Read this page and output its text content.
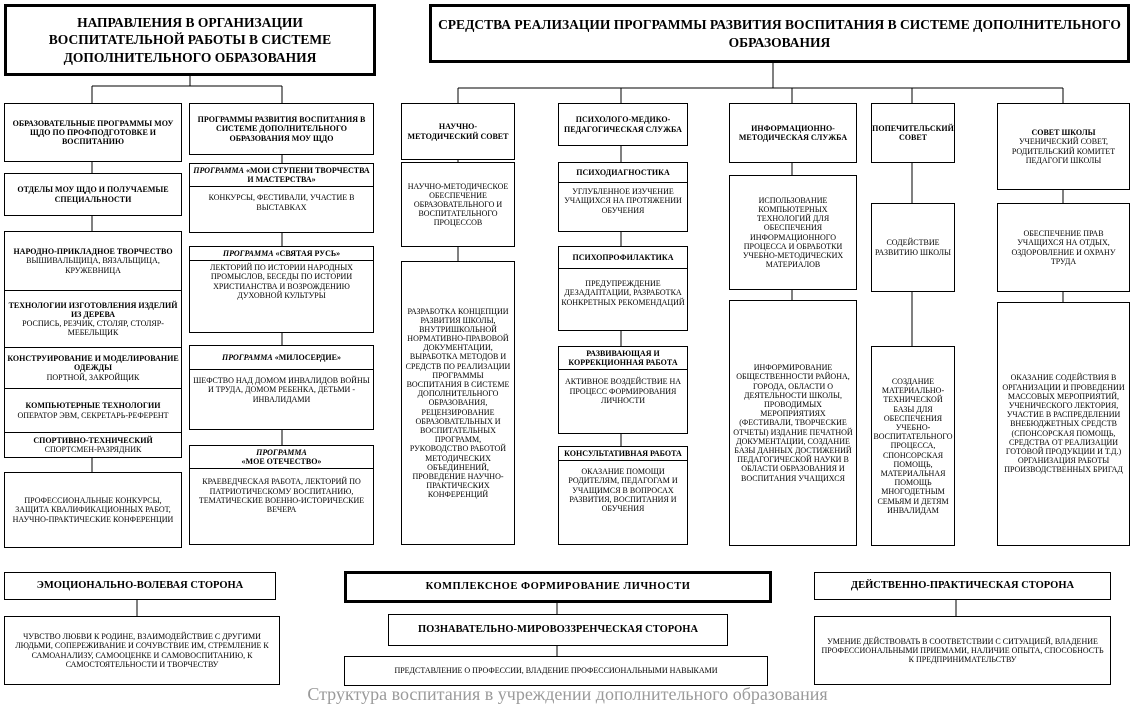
НАПРАВЛЕНИЯ В ОРГАНИЗАЦИИ ВОСПИТАТЕЛЬНОЙ РАБОТЫ В СИСТЕМЕ ДОПОЛНИТЕЛЬНОГО ОБРАЗОВАНИЯ
СРЕДСТВА РЕАЛИЗАЦИИ ПРОГРАММЫ РАЗВИТИЯ ВОСПИТАНИЯ В СИСТЕМЕ ДОПОЛНИТЕЛЬНОГО ОБРАЗОВАНИЯ
ОБРАЗОВАТЕЛЬНЫЕ ПРОГРАММЫ МОУ ЩДО ПО ПРОФПОДГОТОВКЕ И ВОСПИТАНИЮ
ОТДЕЛЫ МОУ ЩДО И ПОЛУЧАЕМЫЕ СПЕЦИАЛЬНОСТИ
НАРОДНО-ПРИКЛАДНОЕ ТВОРЧЕСТВО
ВЫШИВАЛЬЩИЦА, ВЯЗАЛЬЩИЦА, КРУЖЕВНИЦА
ТЕХНОЛОГИИ ИЗГОТОВЛЕНИЯ ИЗДЕЛИЙ ИЗ ДЕРЕВА
РОСПИСЬ, РЕЗЧИК, СТОЛЯР, СТОЛЯР-МЕБЕЛЬЩИК
КОНСТРУИРОВАНИЕ И МОДЕЛИРОВАНИЕ ОДЕЖДЫ
ПОРТНОЙ, ЗАКРОЙЩИК
КОМПЬЮТЕРНЫЕ ТЕХНОЛОГИИ
ОПЕРАТОР ЭВМ, СЕКРЕТАРЬ-РЕФЕРЕНТ
СПОРТИВНО-ТЕХНИЧЕСКИЙ
СПОРТСМЕН-РАЗРЯДНИК
ПРОФЕССИОНАЛЬНЫЕ КОНКУРСЫ, ЗАЩИТА КВАЛИФИКАЦИОННЫХ РАБОТ, НАУЧНО-ПРАКТИЧЕСКИЕ КОНФЕРЕНЦИИ
ПРОГРАММЫ РАЗВИТИЯ ВОСПИТАНИЯ В СИСТЕМЕ ДОПОЛНИТЕЛЬНОГО ОБРАЗОВАНИЯ МОУ ЩДО
ПРОГРАММА «МОИ СТУПЕНИ ТВОРЧЕСТВА И МАСТЕРСТВА»
КОНКУРСЫ, ФЕСТИВАЛИ, УЧАСТИЕ В ВЫСТАВКАХ
ПРОГРАММА «СВЯТАЯ РУСЬ»
ЛЕКТОРИЙ ПО ИСТОРИИ НАРОДНЫХ ПРОМЫСЛОВ, БЕСЕДЫ ПО ИСТОРИИ ХРИСТИАНСТВА И ВОЗРОЖДЕНИЮ ДУХОВНОЙ КУЛЬТУРЫ
ПРОГРАММА «МИЛОСЕРДИЕ»
ШЕФСТВО НАД ДОМОМ ИНВАЛИДОВ ВОЙНЫ И ТРУДА, ДОМОМ РЕБЕНКА, ДЕТЬМИ - ИНВАЛИДАМИ
ПРОГРАММА
«МОЕ ОТЕЧЕСТВО»
КРАЕВЕДЧЕСКАЯ РАБОТА, ЛЕКТОРИЙ ПО ПАТРИОТИЧЕСКОМУ ВОСПИТАНИЮ, ТЕМАТИЧЕСКИЕ ВОЕННО-ИСТОРИЧЕСКИЕ ВЕЧЕРА
НАУЧНО-МЕТОДИЧЕСКИЙ СОВЕТ
НАУЧНО-МЕТОДИЧЕСКОЕ ОБЕСПЕЧЕНИЕ ОБРАЗОВАТЕЛЬНОГО И ВОСПИТАТЕЛЬНОГО ПРОЦЕССОВ
РАЗРАБОТКА КОНЦЕПЦИИ РАЗВИТИЯ ШКОЛЫ, ВНУТРИШКОЛЬНОЙ НОРМАТИВНО-ПРАВОВОЙ ДОКУМЕНТАЦИИ, ВЫРАБОТКА МЕТОДОВ И СРЕДСТВ ПО РЕАЛИЗАЦИИ ПРОГРАММЫ ВОСПИТАНИЯ В СИСТЕМЕ ДОПОЛНИТЕЛЬНОГО ОБРАЗОВАНИЯ, РЕЦЕНЗИРОВАНИЕ ОБРАЗОВАТЕЛЬНЫХ И ВОСПИТАТЕЛЬНЫХ ПРОГРАММ, РУКОВОДСТВО РАБОТОЙ МЕТОДИЧЕСКИХ ОБЪЕДИНЕНИЙ, ПРОВЕДЕНИЕ НАУЧНО-ПРАКТИЧЕСКИХ КОНФЕРЕНЦИЙ
ПСИХОЛОГО-МЕДИКО-ПЕДАГОГИЧЕСКАЯ СЛУЖБА
ПСИХОДИАГНОСТИКА
УГЛУБЛЕННОЕ ИЗУЧЕНИЕ УЧАЩИХСЯ НА ПРОТЯЖЕНИИ ОБУЧЕНИЯ
ПСИХОПРОФИЛАКТИКА
ПРЕДУПРЕЖДЕНИЕ ДЕЗАДАПТАЦИИ, РАЗРАБОТКА КОНКРЕТНЫХ РЕКОМЕНДАЦИЙ
РАЗВИВАЮЩАЯ И КОРРЕКЦИОННАЯ РАБОТА
АКТИВНОЕ ВОЗДЕЙСТВИЕ НА ПРОЦЕСС ФОРМИРОВАНИЯ ЛИЧНОСТИ
КОНСУЛЬТАТИВНАЯ РАБОТА
ОКАЗАНИЕ ПОМОЩИ РОДИТЕЛЯМ, ПЕДАГОГАМ И УЧАЩИМСЯ В ВОПРОСАХ РАЗВИТИЯ, ВОСПИТАНИЯ И ОБУЧЕНИЯ
ИНФОРМАЦИОННО-МЕТОДИЧЕСКАЯ СЛУЖБА
ИСПОЛЬЗОВАНИЕ КОМПЬЮТЕРНЫХ ТЕХНОЛОГИЙ ДЛЯ ОБЕСПЕЧЕНИЯ ИНФОРМАЦИОННОГО ПРОЦЕССА И ОБРАБОТКИ УЧЕБНО-МЕТОДИЧЕСКИХ МАТЕРИАЛОВ
ИНФОРМИРОВАНИЕ ОБЩЕСТВЕННОСТИ РАЙОНА, ГОРОДА, ОБЛАСТИ О ДЕЯТЕЛЬНОСТИ ШКОЛЫ, ПРОВОДИМЫХ МЕРОПРИЯТИЯХ (ФЕСТИВАЛИ, ТВОРЧЕСКИЕ ОТЧЕТЫ) ИЗДАНИЕ ПЕЧАТНОЙ ДОКУМЕНТАЦИИ, СОЗДАНИЕ БАЗЫ ДАННЫХ ДОСТИЖЕНИЙ ПЕДАГОГИЧЕСКОЙ НАУКИ В ОБЛАСТИ ОБРАЗОВАНИЯ И ВОСПИТАНИЯ УЧАЩИХСЯ
ПОПЕЧИТЕЛЬСКИЙ СОВЕТ
СОДЕЙСТВИЕ РАЗВИТИЮ ШКОЛЫ
СОЗДАНИЕ МАТЕРИАЛЬНО-ТЕХНИЧЕСКОЙ БАЗЫ ДЛЯ ОБЕСПЕЧЕНИЯ УЧЕБНО-ВОСПИТАТЕЛЬНОГО ПРОЦЕССА, СПОНСОРСКАЯ ПОМОЩЬ, МАТЕРИАЛЬНАЯ ПОМОЩЬ МНОГОДЕТНЫМ СЕМЬЯМ И ДЕТЯМ ИНВАЛИДАМ
СОВЕТ ШКОЛЫ
УЧЕНИЧЕСКИЙ СОВЕТ, РОДИТЕЛЬСКИЙ КОМИТЕТ ПЕДАГОГИ ШКОЛЫ
ОБЕСПЕЧЕНИЕ ПРАВ УЧАЩИХСЯ НА ОТДЫХ, ОЗДОРОВЛЕНИЕ И ОХРАНУ ТРУДА
ОКАЗАНИЕ СОДЕЙСТВИЯ В ОРГАНИЗАЦИИ И ПРОВЕДЕНИИ МАССОВЫХ МЕРОПРИЯТИЙ, УЧЕНИЧЕСКОГО ЛЕКТОРИЯ, УЧАСТИЕ В РАСПРЕДЕЛЕНИИ ВНЕБЮДЖЕТНЫХ СРЕДСТВ (СПОНСОРСКАЯ ПОМОЩЬ, СРЕДСТВА ОТ РЕАЛИЗАЦИИ ГОТОВОЙ ПРОДУКЦИИ И Т.Д.) ОРГАНИЗАЦИЯ РАБОТЫ ПРОИЗВОДСТВЕННЫХ БРИГАД
ЭМОЦИОНАЛЬНО-ВОЛЕВАЯ СТОРОНА	КОМПЛЕКСНОЕ ФОРМИРОВАНИЕ ЛИЧНОСТИ	ДЕЙСТВЕННО-ПРАКТИЧЕСКАЯ СТОРОНА
ПОЗНАВАТЕЛЬНО-МИРОВОЗЗРЕНЧЕСКАЯ СТОРОНА
ЧУВСТВО ЛЮБВИ К РОДИНЕ, ВЗАИМОДЕЙСТВИЕ С ДРУГИМИ ЛЮДЬМИ, СОПЕРЕЖИВАНИЕ И СОЧУВСТВИЕ ИМ, СТРЕМЛЕНИЕ К САМОАНАЛИЗУ, САМООЦЕНКЕ И САМОВОСПИТАНИЮ, К САМОСТОЯТЕЛЬНОСТИ И ТВОРЧЕСТВУ
ПРЕДСТАВЛЕНИЕ О ПРОФЕССИИ, ВЛАДЕНИЕ ПРОФЕССИОНАЛЬНЫМИ НАВЫКАМИ
УМЕНИЕ ДЕЙСТВОВАТЬ В СООТВЕТСТВИИ С СИТУАЦИЕЙ, ВЛАДЕНИЕ ПРОФЕССИОНАЛЬНЫМИ ПРИЕМАМИ, НАЛИЧИЕ ОПЫТА, СПОСОБНОСТЬ К ПРЕДПРИНИМАТЕЛЬСТВУ
Структура воспитания в учреждении дополнительного образования
